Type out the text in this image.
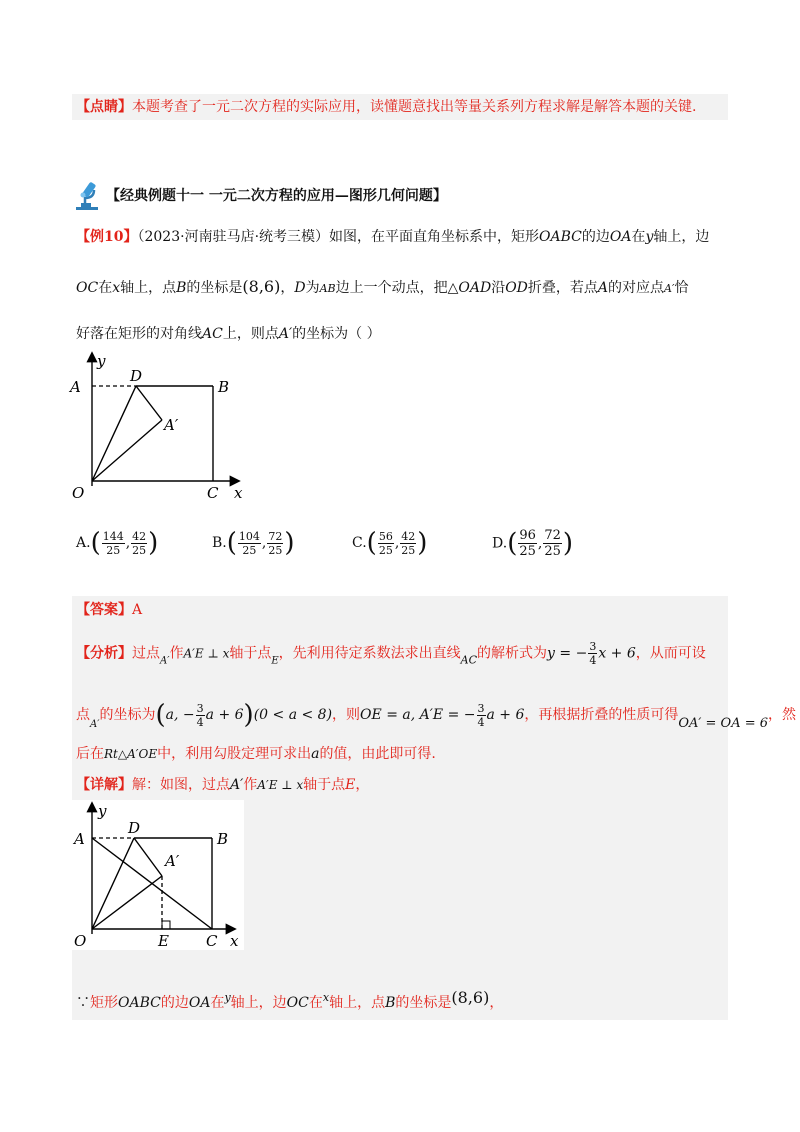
【点睛】本题考查了一元二次方程的实际应用，读懂题意找出等量关系列方程求解是解答本题的关键.
【经典例题十一 一元二次方程的应用—图形几何问题】
【例10】（2023·河南驻马店·统考三模）如图，在平面直角坐标系中，矩形OABC的边OA在y轴上，边
OC在x轴上，点B的坐标是(8,6)，D为AB边上一个动点，把△OAD沿OD折叠，若点A的对应点A′恰
好落在矩形的对角线AC上，则点A′的坐标为（ ）
y
A
D
B
A′
O	C x
$A.( \frac{144}{25}$ , $\frac{42}{25}$ )	$B.( \frac{104}{25}$ , $\frac{72}{25}$ )	$C.( \frac{56}{25}$ , $\frac{42}{25}$ )	$D.( \frac{96}{25}$ , $\frac{72}{25}$ )
【答案】A
【分析】过点$_{A'}$作A′E ⊥ x轴于点$_E$，先利用待定系数法求出直线$_{AC}$的解析式为y = − $\frac{3}{4}$ x + 6，从而可设
点$_{A'}$的坐标为(a, − $\frac{3}{4}$ a + 6)(0 < a < 8)，则OE = a, A′E = − $\frac{3}{4}$ a + 6，再根据折叠的性质可得OA′ = OA = 6，然
后在Rt△A′OE中，利用勾股定理可求出a的值，由此即可得.
【详解】解：如图，过点A′作A′E ⊥ x轴于点E，
y
A
D
B
A′
O	E C x
∵矩形OABC的边OA在$^y$轴上，边OC在$^x$轴上，点B的坐标是(8,6)，
